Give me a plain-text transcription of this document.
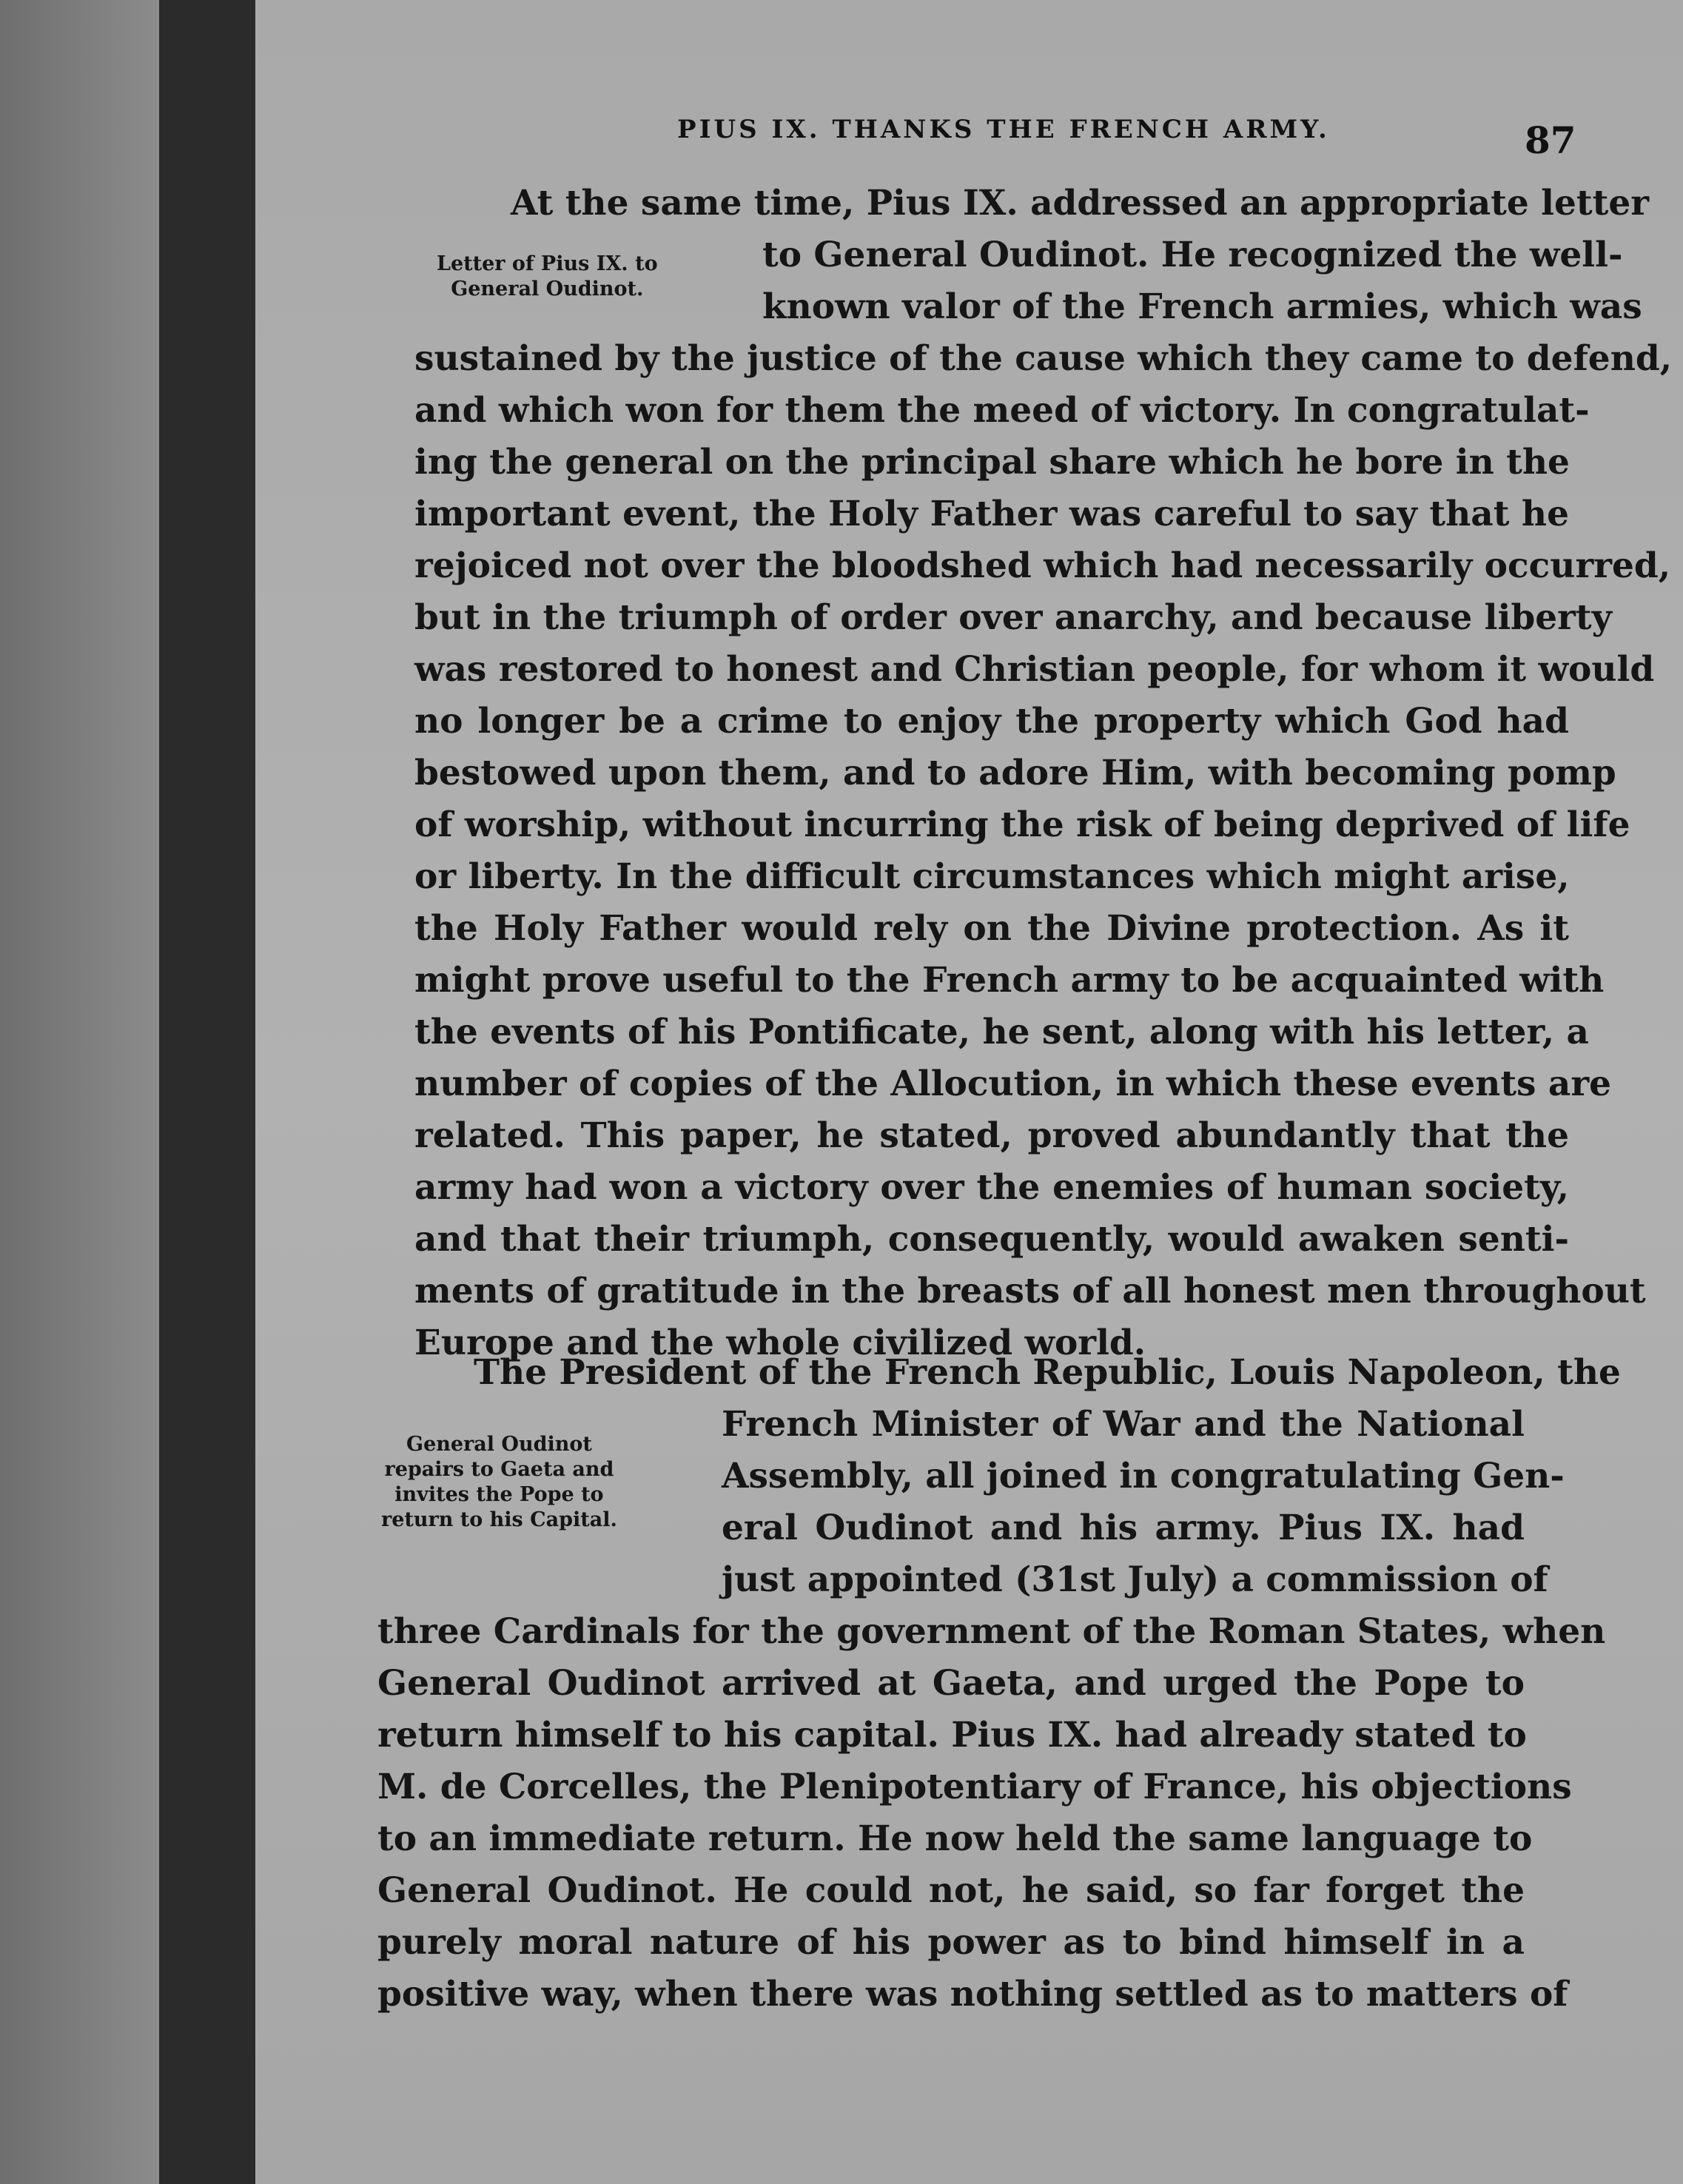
PIUS IX. THANKS THE FRENCH ARMY.	87
Letter of Pius IX. to
General Oudinot.
At the same time, Pius IX. addressed an appropriate letter
to General Oudinot. He recognized the well-
known valor of the French armies, which was
sustained by the justice of the cause which they came to defend,
and which won for them the meed of victory. In congratulat-
ing the general on the principal share which he bore in the
important event, the Holy Father was careful to say that he
rejoiced not over the bloodshed which had necessarily occurred,
but in the triumph of order over anarchy, and because liberty
was restored to honest and Christian people, for whom it would
no longer be a crime to enjoy the property which God had
bestowed upon them, and to adore Him, with becoming pomp
of worship, without incurring the risk of being deprived of life
or liberty. In the difficult circumstances which might arise,
the Holy Father would rely on the Divine protection. As it
might prove useful to the French army to be acquainted with
the events of his Pontificate, he sent, along with his letter, a
number of copies of the Allocution, in which these events are
related. This paper, he stated, proved abundantly that the
army had won a victory over the enemies of human society,
and that their triumph, consequently, would awaken senti-
ments of gratitude in the breasts of all honest men throughout
Europe and the whole civilized world.
The President of the French Republic, Louis Napoleon, the
General Oudinot
repairs to Gaeta and
invites the Pope to
return to his Capital.
French Minister of War and the National
Assembly, all joined in congratulating Gen-
eral Oudinot and his army. Pius IX. had
just appointed (31st July) a commission of
three Cardinals for the government of the Roman States, when
General Oudinot arrived at Gaeta, and urged the Pope to
return himself to his capital. Pius IX. had already stated to
M. de Corcelles, the Plenipotentiary of France, his objections
to an immediate return. He now held the same language to
General Oudinot. He could not, he said, so far forget the
purely moral nature of his power as to bind himself in a
positive way, when there was nothing settled as to matters of
